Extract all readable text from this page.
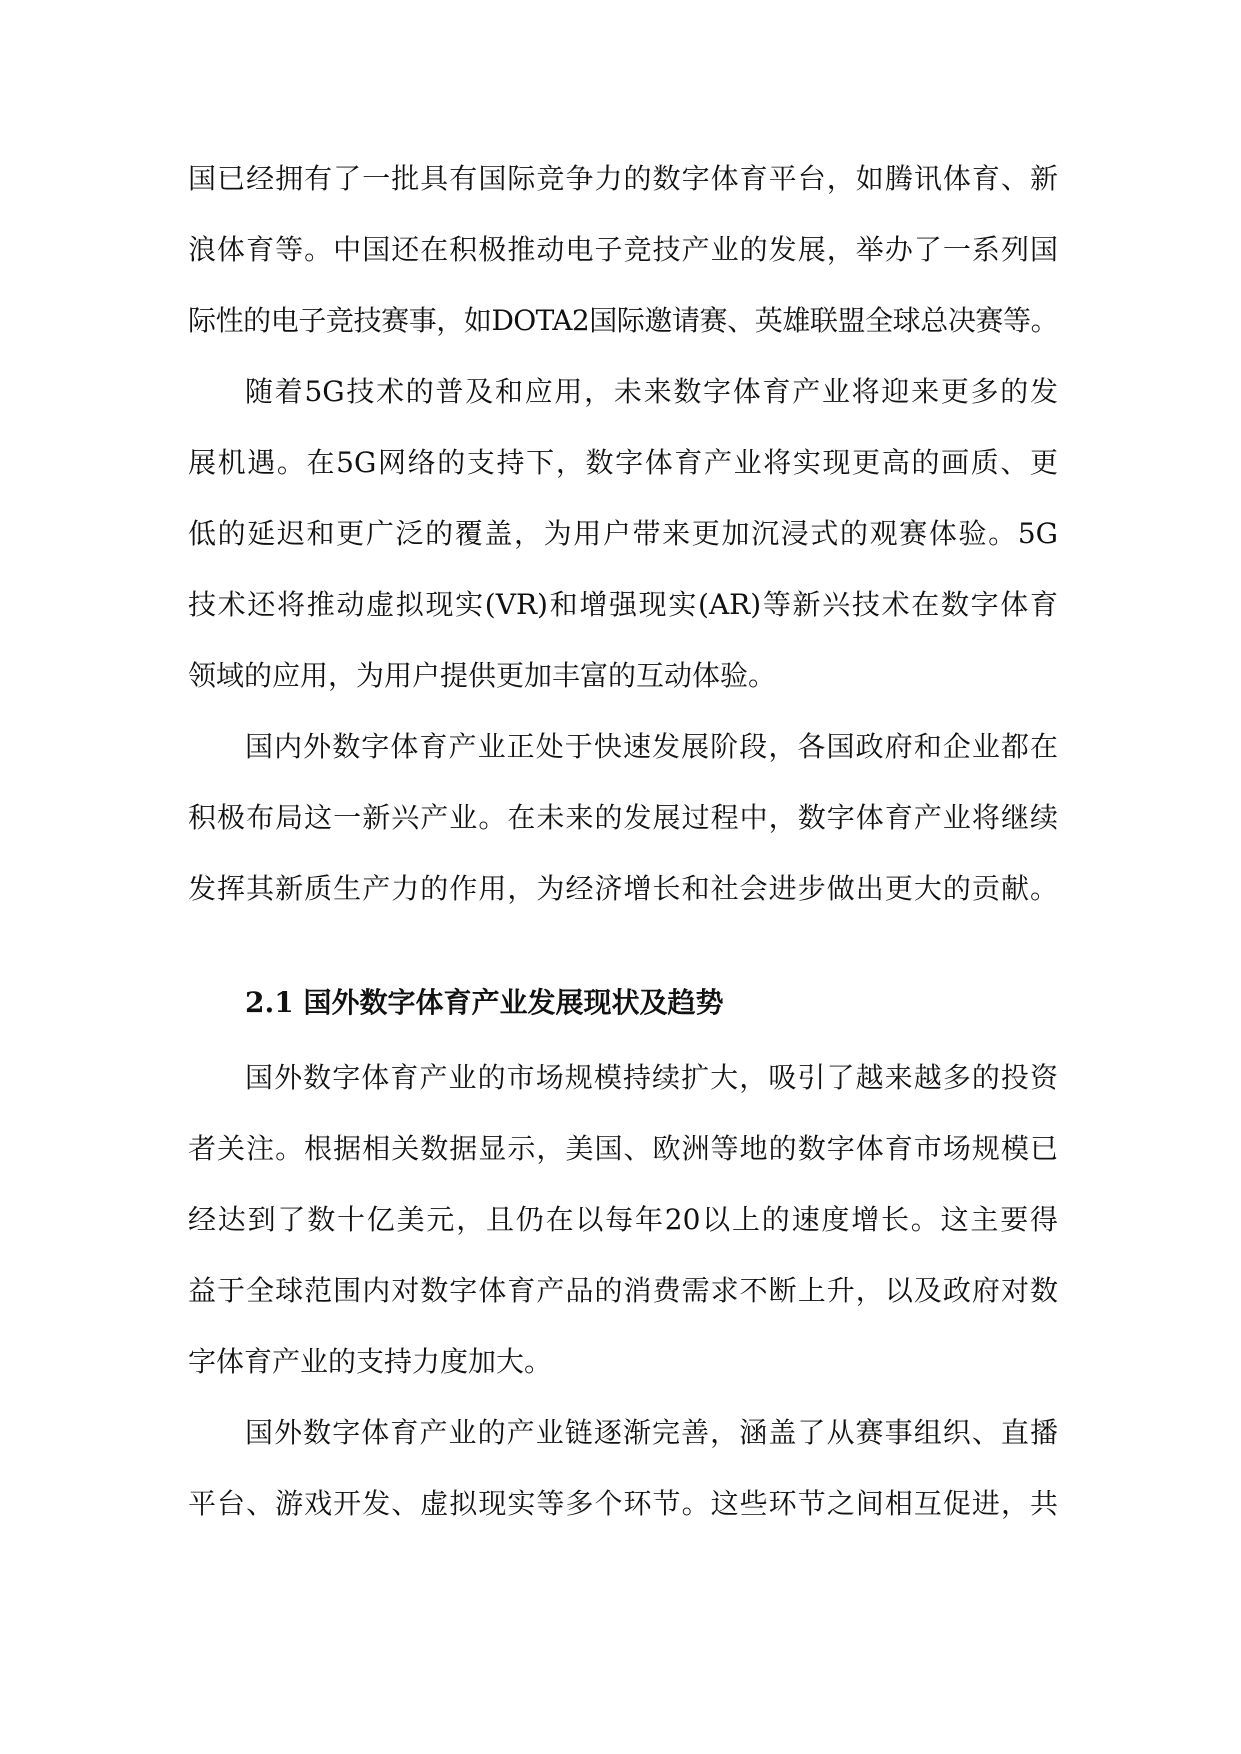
国已经拥有了一批具有国际竞争力的数字体育平台，如腾讯体育、新
浪体育等。中国还在积极推动电子竞技产业的发展，举办了一系列国
际性的电子竞技赛事，如DOTA2国际邀请赛、英雄联盟全球总决赛等。
随着5G技术的普及和应用，未来数字体育产业将迎来更多的发
展机遇。在5G网络的支持下，数字体育产业将实现更高的画质、更
低的延迟和更广泛的覆盖，为用户带来更加沉浸式的观赛体验。5G
技术还将推动虚拟现实(VR)和增强现实(AR)等新兴技术在数字体育
领域的应用，为用户提供更加丰富的互动体验。
国内外数字体育产业正处于快速发展阶段，各国政府和企业都在
积极布局这一新兴产业。在未来的发展过程中，数字体育产业将继续
发挥其新质生产力的作用，为经济增长和社会进步做出更大的贡献。
2.1 国外数字体育产业发展现状及趋势
国外数字体育产业的市场规模持续扩大，吸引了越来越多的投资
者关注。根据相关数据显示，美国、欧洲等地的数字体育市场规模已
经达到了数十亿美元，且仍在以每年20以上的速度增长。这主要得
益于全球范围内对数字体育产品的消费需求不断上升，以及政府对数
字体育产业的支持力度加大。
国外数字体育产业的产业链逐渐完善，涵盖了从赛事组织、直播
平台、游戏开发、虚拟现实等多个环节。这些环节之间相互促进，共
